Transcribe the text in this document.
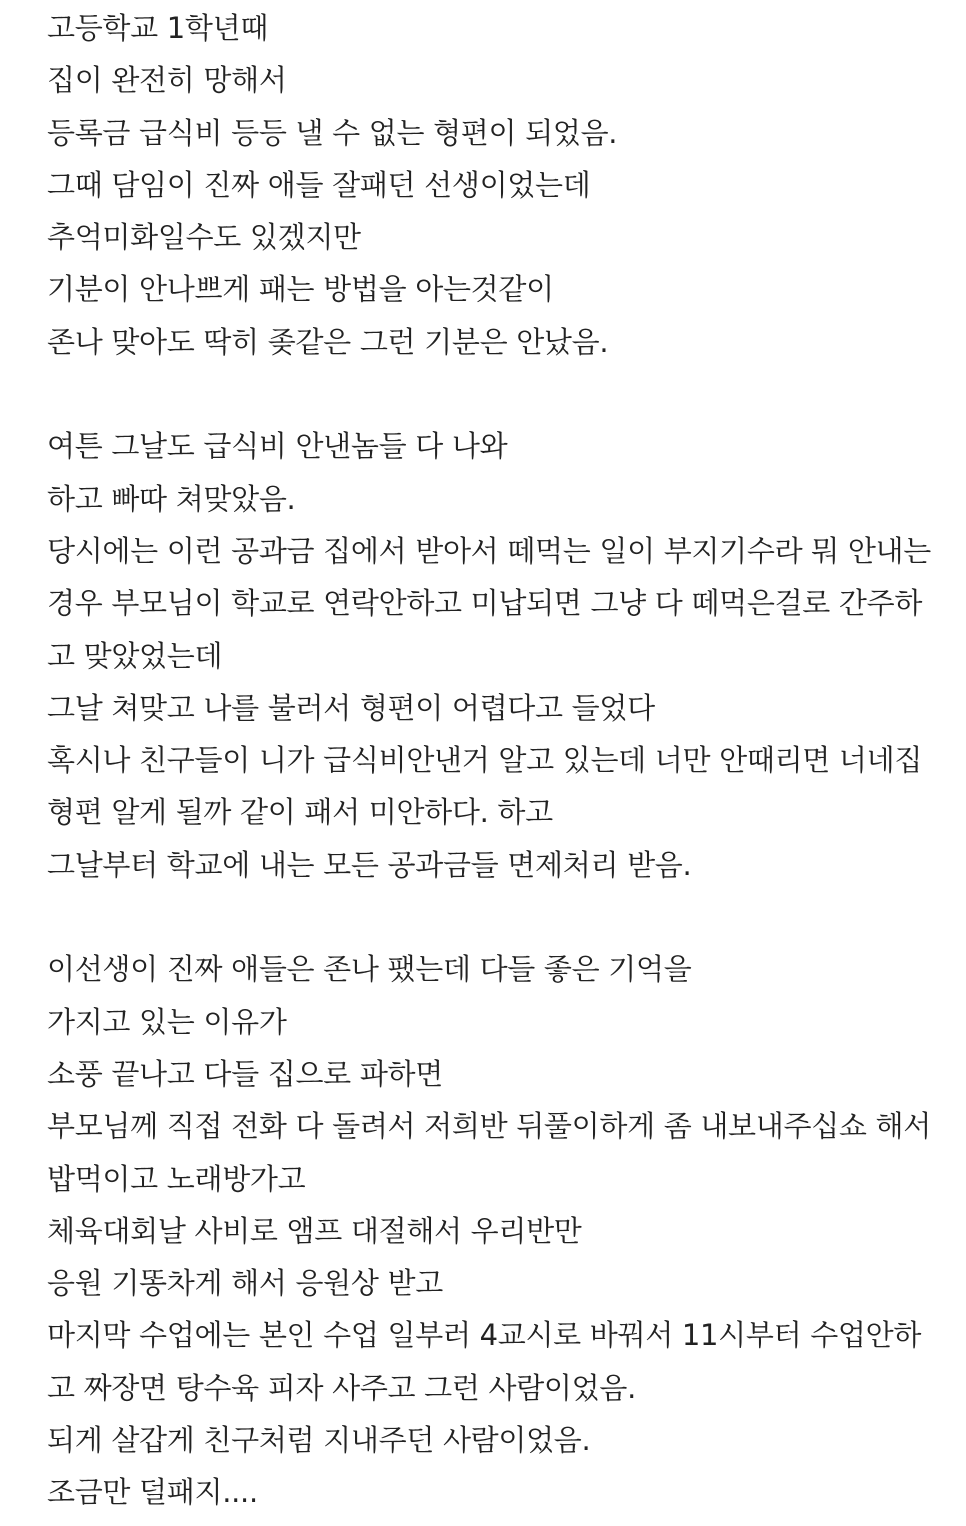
고등학교 1학년때
집이 완전히 망해서
등록금 급식비 등등 낼 수 없는 형편이 되었음.
그때 담임이 진짜 애들 잘패던 선생이었는데
추억미화일수도 있겠지만
기분이 안나쁘게 패는 방법을 아는것같이
존나 맞아도 딱히 좆같은 그런 기분은 안났음.
여튼 그날도 급식비 안낸놈들 다 나와
하고 빠따 쳐맞았음.
당시에는 이런 공과금 집에서 받아서 떼먹는 일이 부지기수라 뭐 안내는
경우 부모님이 학교로 연락안하고 미납되면 그냥 다 떼먹은걸로 간주하
고 맞았었는데
그날 쳐맞고 나를 불러서 형편이 어렵다고 들었다
혹시나 친구들이 니가 급식비안낸거 알고 있는데 너만 안때리면 너네집
형편 알게 될까 같이 패서 미안하다. 하고
그날부터 학교에 내는 모든 공과금들 면제처리 받음.
이선생이 진짜 애들은 존나 팼는데 다들 좋은 기억을
가지고 있는 이유가
소풍 끝나고 다들 집으로 파하면
부모님께 직접 전화 다 돌려서 저희반 뒤풀이하게 좀 내보내주십쇼 해서
밥먹이고 노래방가고
체육대회날 사비로 앰프 대절해서 우리반만
응원 기똥차게 해서 응원상 받고
마지막 수업에는 본인 수업 일부러 4교시로 바꿔서 11시부터 수업안하
고 짜장면 탕수육 피자 사주고 그런 사람이었음.
되게 살갑게 친구처럼 지내주던 사람이었음.
조금만 덜패지....
